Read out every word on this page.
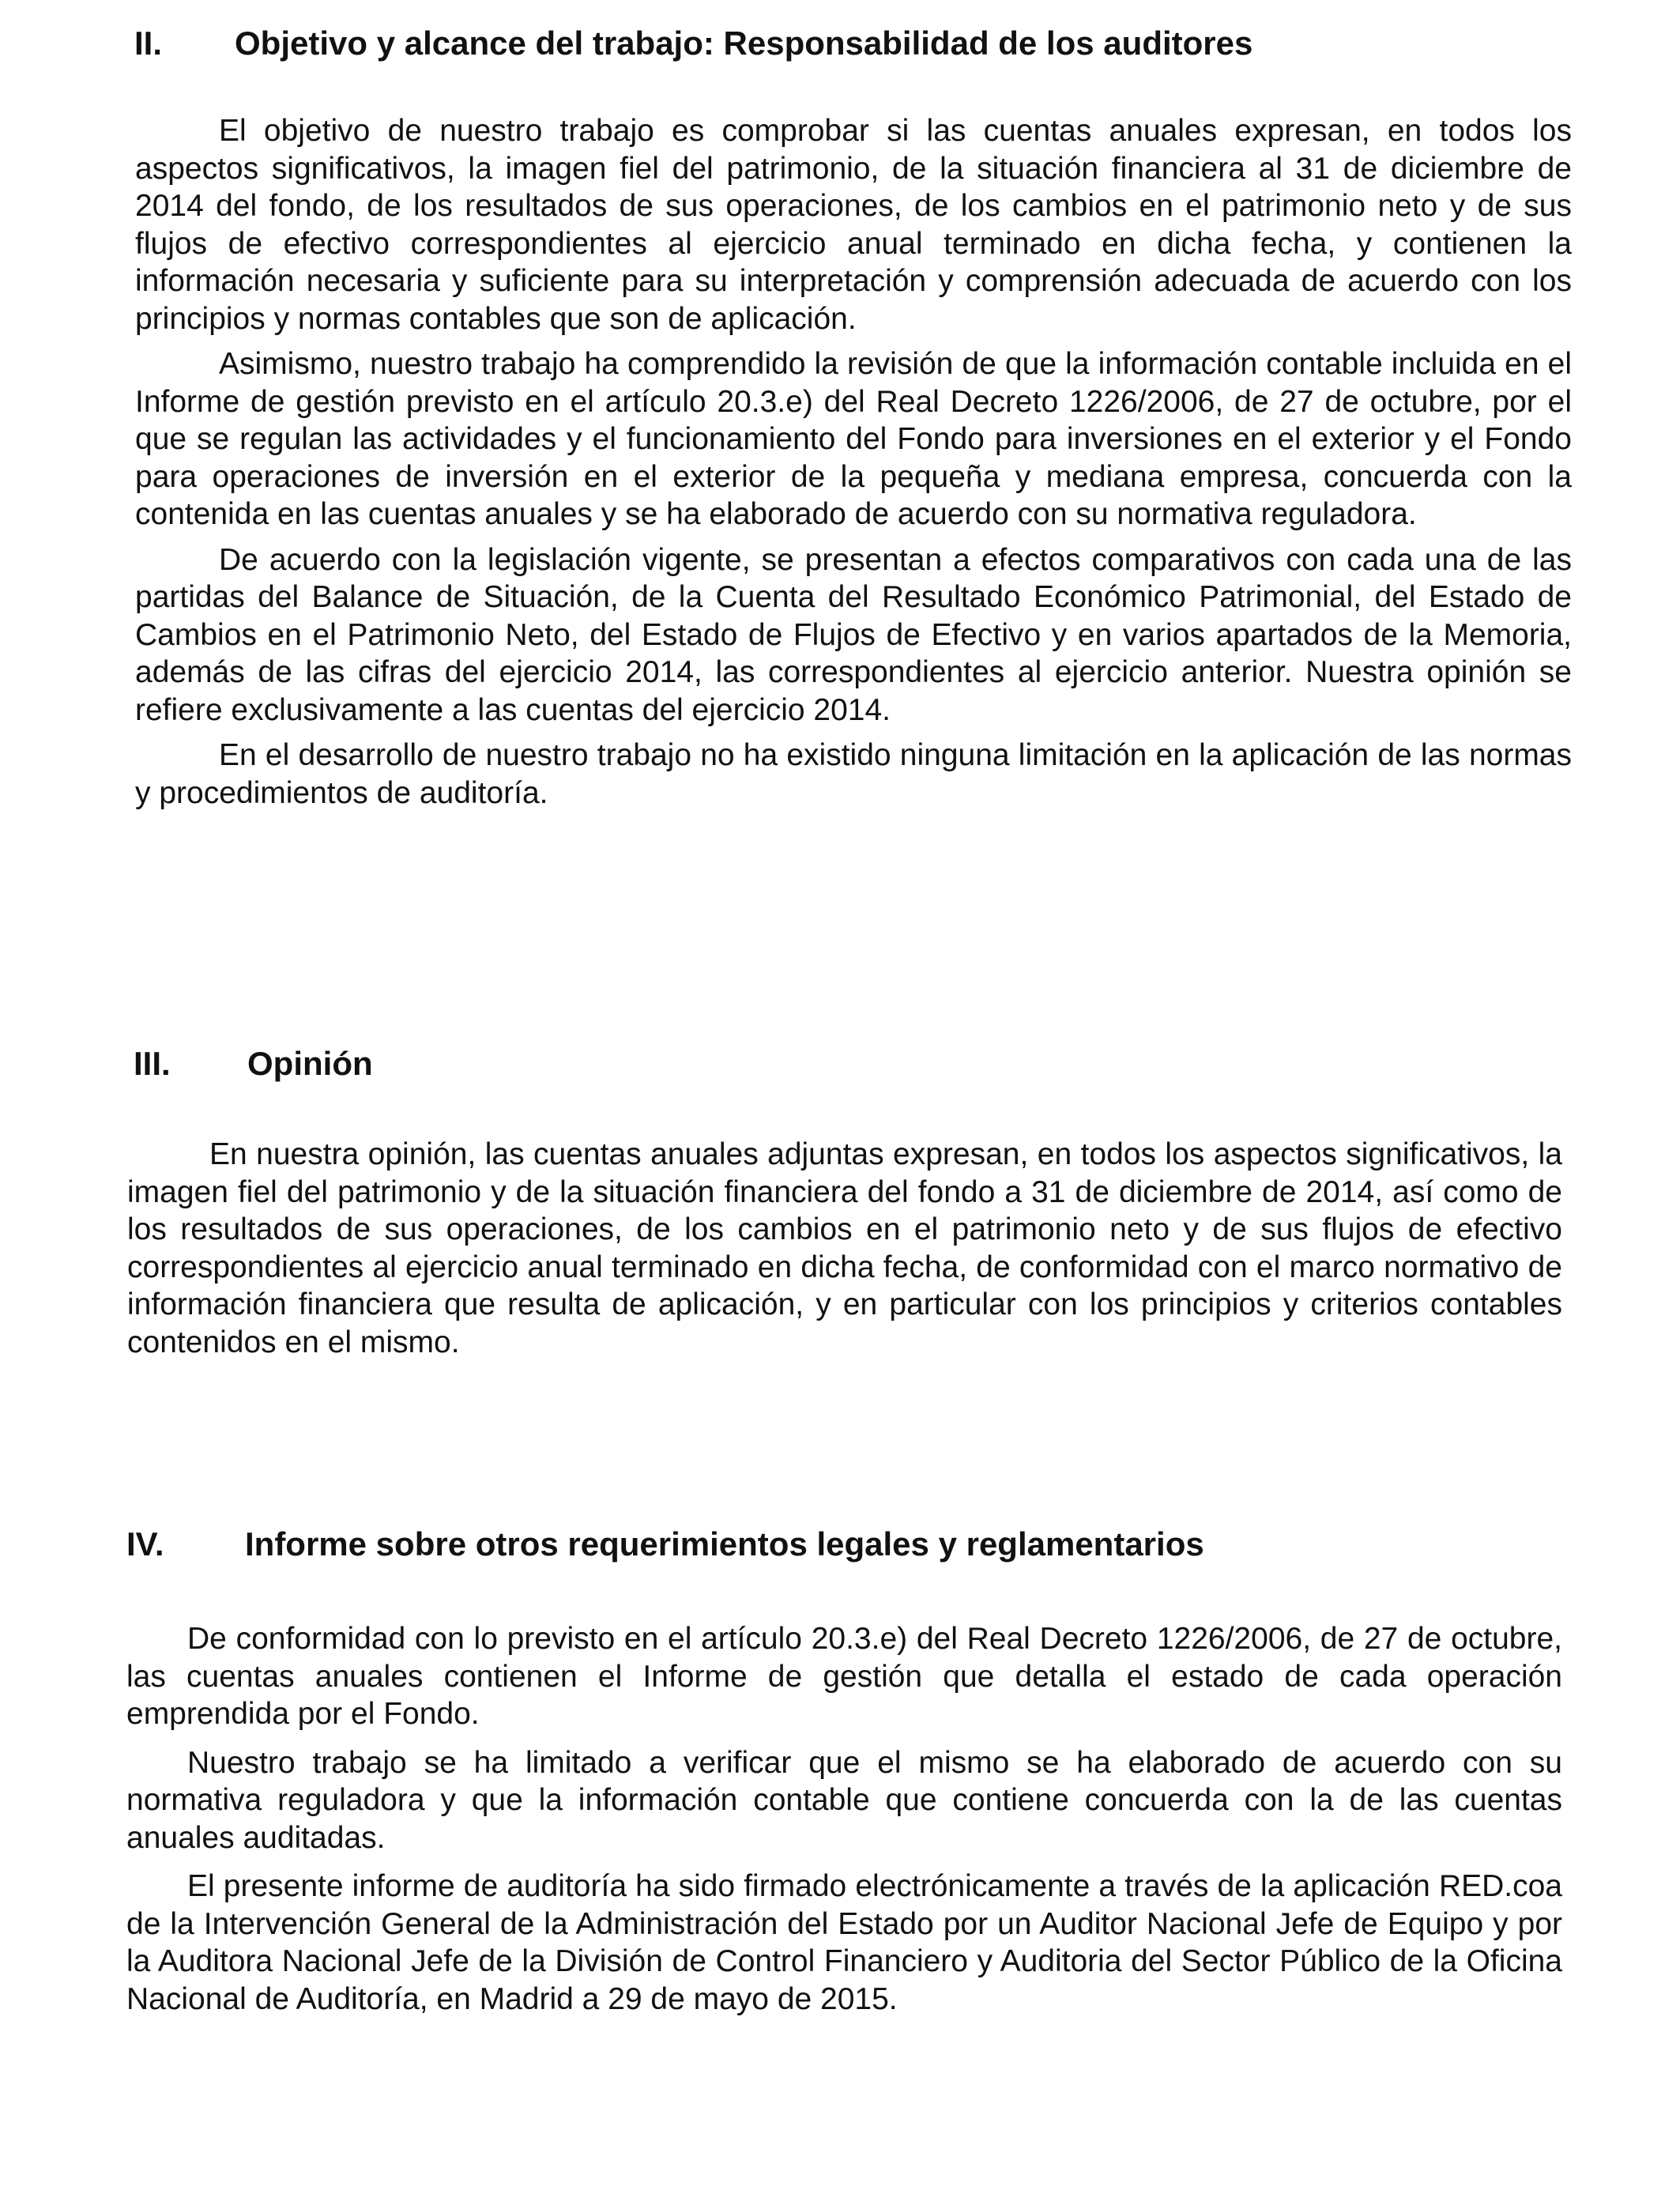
II. Objetivo y alcance del trabajo: Responsabilidad de los auditores

El objetivo de nuestro trabajo es comprobar si las cuentas anuales expresan, en todos los aspectos significativos, la imagen fiel del patrimonio, de la situación financiera al 31 de diciembre de 2014 del fondo, de los resultados de sus operaciones, de los cambios en el patrimonio neto y de sus flujos de efectivo correspondientes al ejercicio anual terminado en dicha fecha, y contienen la información necesaria y suficiente para su interpretación y comprensión adecuada de acuerdo con los principios y normas contables que son de aplicación.

Asimismo, nuestro trabajo ha comprendido la revisión de que la información contable incluida en el Informe de gestión previsto en el artículo 20.3.e) del Real Decreto 1226/2006, de 27 de octubre, por el que se regulan las actividades y el funcionamiento del Fondo para inversiones en el exterior y el Fondo para operaciones de inversión en el exterior de la pequeña y mediana empresa, concuerda con la contenida en las cuentas anuales y se ha elaborado de acuerdo con su normativa reguladora.

De acuerdo con la legislación vigente, se presentan a efectos comparativos con cada una de las partidas del Balance de Situación, de la Cuenta del Resultado Económico Patrimonial, del Estado de Cambios en el Patrimonio Neto, del Estado de Flujos de Efectivo y en varios apartados de la Memoria, además de las cifras del ejercicio 2014, las correspondientes al ejercicio anterior. Nuestra opinión se refiere exclusivamente a las cuentas del ejercicio 2014.

En el desarrollo de nuestro trabajo no ha existido ninguna limitación en la aplicación de las normas y procedimientos de auditoría.

III. Opinión

En nuestra opinión, las cuentas anuales adjuntas expresan, en todos los aspectos significativos, la imagen fiel del patrimonio y de la situación financiera del fondo a 31 de diciembre de 2014, así como de los resultados de sus operaciones, de los cambios en el patrimonio neto y de sus flujos de efectivo correspondientes al ejercicio anual terminado en dicha fecha, de conformidad con el marco normativo de información financiera que resulta de aplicación, y en particular con los principios y criterios contables contenidos en el mismo.

IV. Informe sobre otros requerimientos legales y reglamentarios

De conformidad con lo previsto en el artículo 20.3.e) del Real Decreto 1226/2006, de 27 de octubre, las cuentas anuales contienen el Informe de gestión que detalla el estado de cada operación emprendida por el Fondo.

Nuestro trabajo se ha limitado a verificar que el mismo se ha elaborado de acuerdo con su normativa reguladora y que la información contable que contiene concuerda con la de las cuentas anuales auditadas.

El presente informe de auditoría ha sido firmado electrónicamente a través de la aplicación RED.coa de la Intervención General de la Administración del Estado por un Auditor Nacional Jefe de Equipo y por la Auditora Nacional Jefe de la División de Control Financiero y Auditoria del Sector Público de la Oficina Nacional de Auditoría, en Madrid a 29 de mayo de 2015.
